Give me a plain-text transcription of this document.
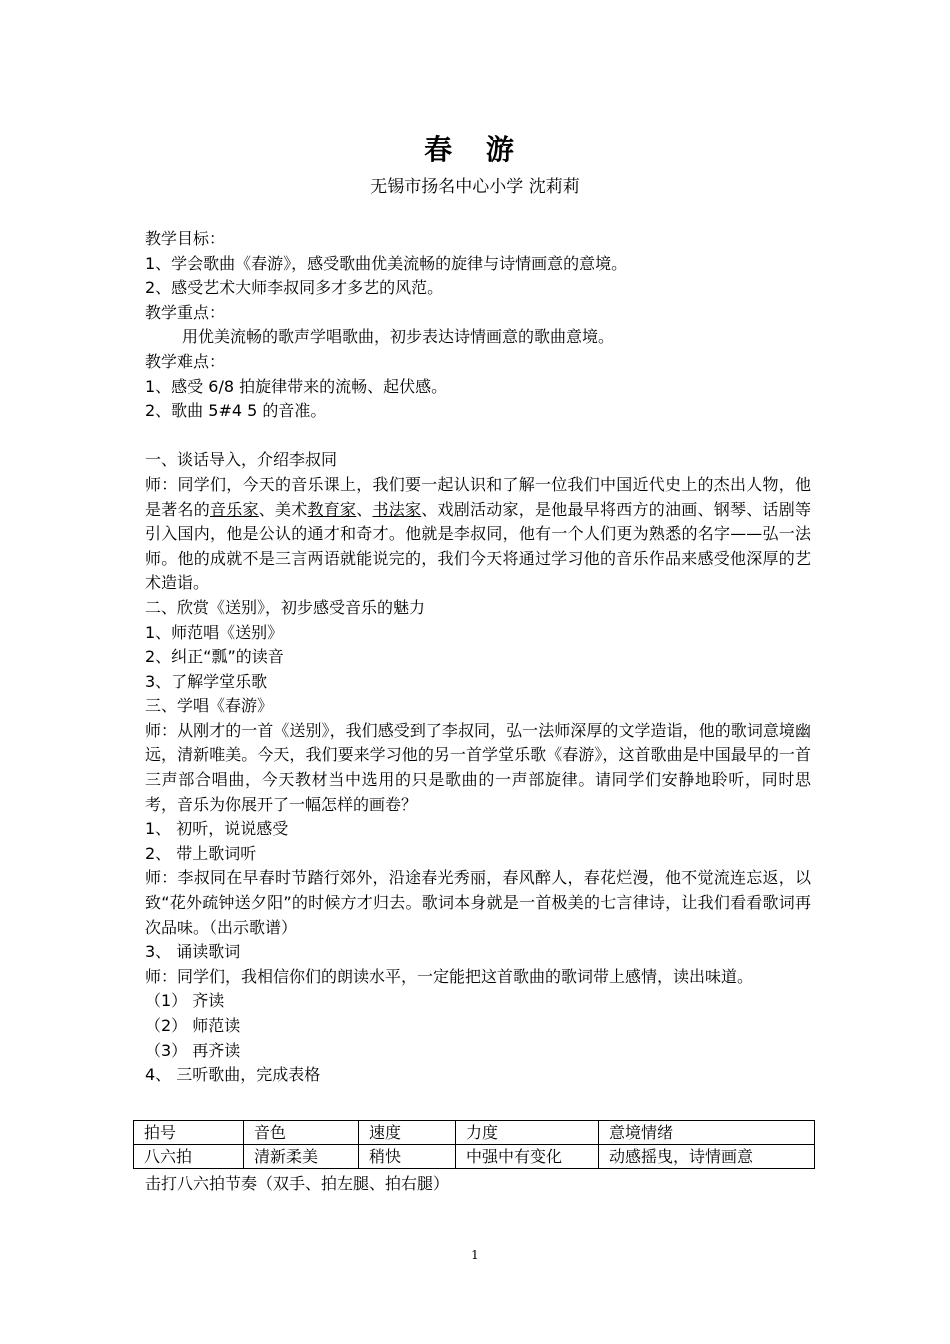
春 游
无锡市扬名中心小学 沈莉莉

教学目标：

1、学会歌曲《春游》，感受歌曲优美流畅的旋律与诗情画意的意境。

2、感受艺术大师李叔同多才多艺的风范。

教学重点：

用优美流畅的歌声学唱歌曲，初步表达诗情画意的歌曲意境。

教学难点：

1、感受 6/8 拍旋律带来的流畅、起伏感。

2、歌曲 5#4 5 的音准。

一、谈话导入，介绍李叔同

师：同学们，今天的音乐课上，我们要一起认识和了解一位我们中国近代史上的杰出人物，他是著名的音乐家、美术教育家、书法家、戏剧活动家，是他最早将西方的油画、钢琴、话剧等引入国内，他是公认的通才和奇才。他就是李叔同，他有一个人们更为熟悉的名字——弘一法师。他的成就不是三言两语就能说完的，我们今天将通过学习他的音乐作品来感受他深厚的艺术造诣。

二、欣赏《送别》，初步感受音乐的魅力

1、师范唱《送别》

2、纠正“瓢”的读音

3、了解学堂乐歌

三、学唱《春游》

师：从刚才的一首《送别》，我们感受到了李叔同，弘一法师深厚的文学造诣，他的歌词意境幽远，清新唯美。今天，我们要来学习他的另一首学堂乐歌《春游》，这首歌曲是中国最早的一首三声部合唱曲，今天教材当中选用的只是歌曲的一声部旋律。请同学们安静地聆听，同时思考，音乐为你展开了一幅怎样的画卷？

1、 初听，说说感受

2、 带上歌词听

师：李叔同在早春时节踏行郊外，沿途春光秀丽，春风醉人，春花烂漫，他不觉流连忘返，以致“花外疏钟送夕阳”的时候方才归去。歌词本身就是一首极美的七言律诗，让我们看看歌词再次品味。（出示歌谱）

3、 诵读歌词

师：同学们，我相信你们的朗读水平，一定能把这首歌曲的歌词带上感情，读出味道。

（1） 齐读

（2） 师范读

（3） 再齐读

4、 三听歌曲，完成表格

拍号	音色	速度	力度	意境情绪
八六拍	清新柔美	稍快	中强中有变化	动感摇曳，诗情画意
击打八六拍节奏（双手、拍左腿、拍右腿）
1
